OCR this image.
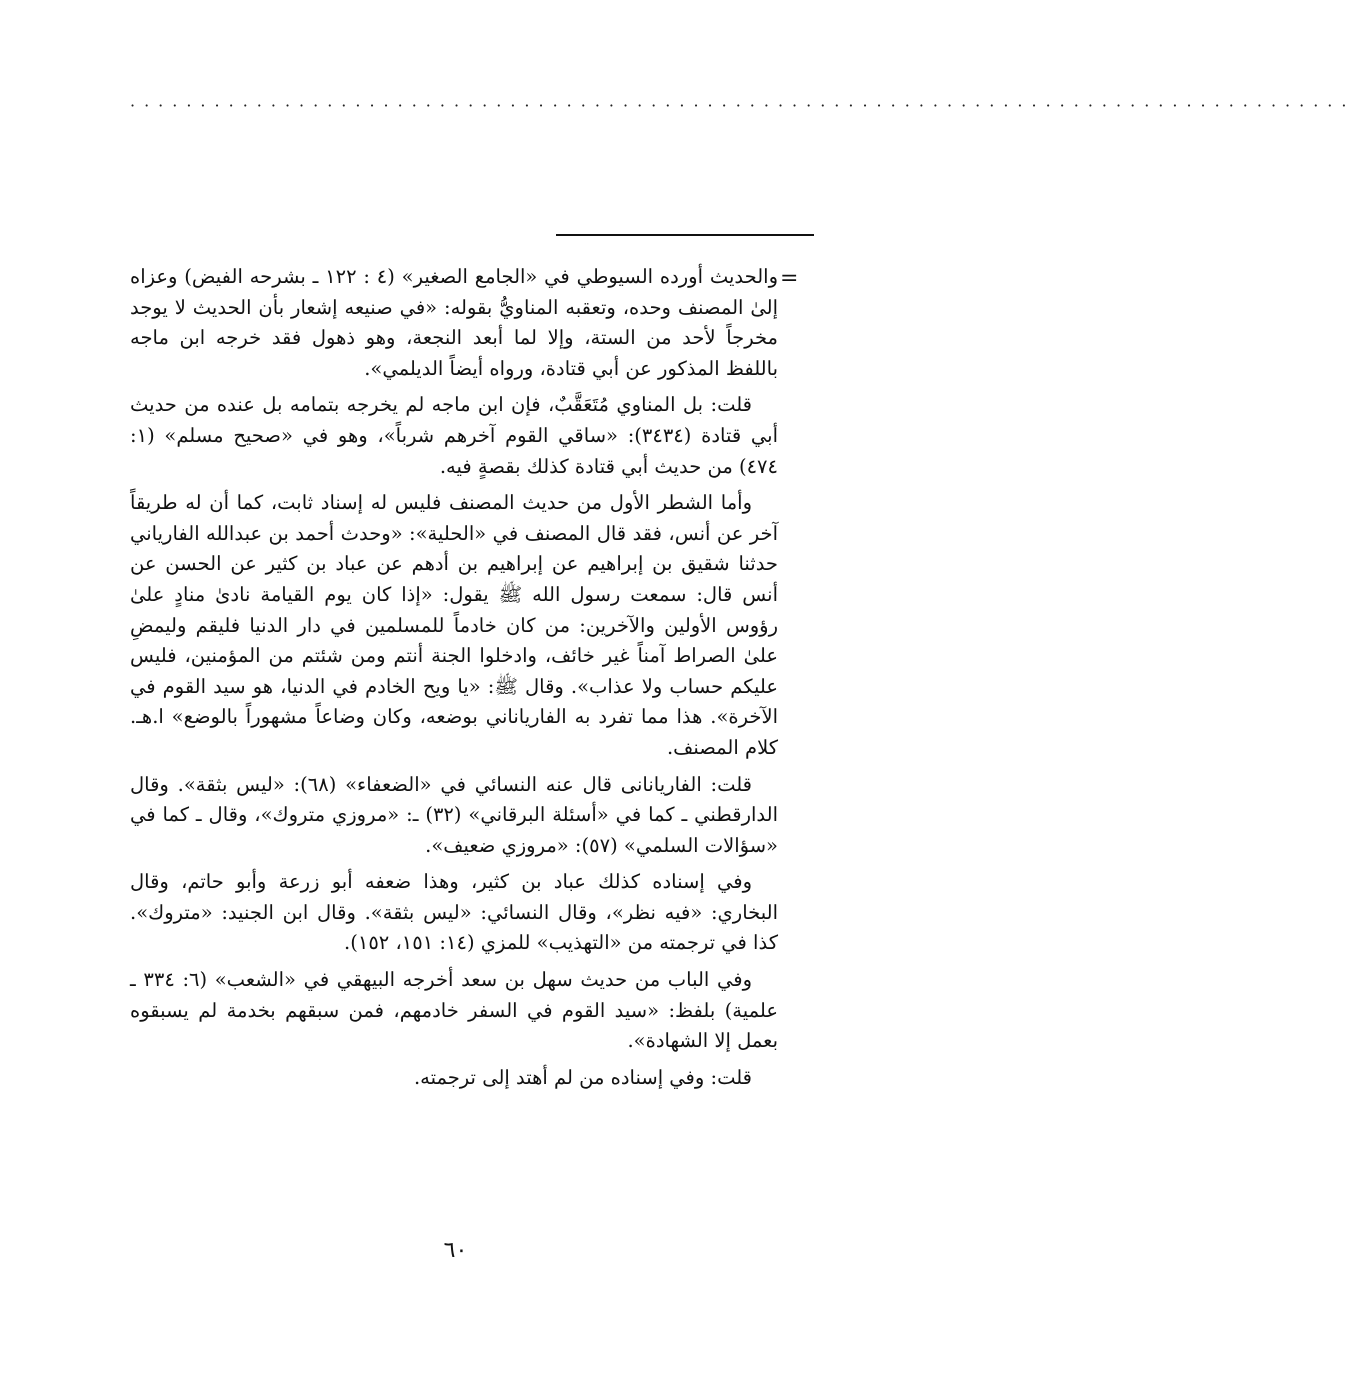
·······················································································
=

والحديث أورده السيوطي في «الجامع الصغير» (٤ : ١٢٢ ـ بشرحه الفيض) وعزاه إلىٰ المصنف وحده، وتعقبه المناويُّ بقوله: «في صنيعه إشعار بأن الحديث لا يوجد مخرجاً لأحد من الستة، وإلا لما أبعد النجعة، وهو ذهول فقد خرجه ابن ماجه باللفظ المذكور عن أبي قتادة، ورواه أيضاً الديلمي».

قلت: بل المناوي مُتَعَقَّبٌ، فإن ابن ماجه لم يخرجه بتمامه بل عنده من حديث أبي قتادة (٣٤٣٤): «ساقي القوم آخرهم شرباً»، وهو في «صحيح مسلم» (١: ٤٧٤) من حديث أبي قتادة كذلك بقصةٍ فيه.

وأما الشطر الأول من حديث المصنف فليس له إسناد ثابت، كما أن له طريقاً آخر عن أنس، فقد قال المصنف في «الحلية»: «وحدث أحمد بن عبدالله الفارياني حدثنا شقيق بن إبراهيم عن إبراهيم بن أدهم عن عباد بن كثير عن الحسن عن أنس قال: سمعت رسول الله ﷺ يقول: «إذا كان يوم القيامة نادىٰ منادٍ علىٰ رؤوس الأولين والآخرين: من كان خادماً للمسلمين في دار الدنيا فليقم وليمضِ علىٰ الصراط آمناً غير خائف، وادخلوا الجنة أنتم ومن شئتم من المؤمنين، فليس عليكم حساب ولا عذاب». وقال ﷺ: «يا ويح الخادم في الدنيا، هو سيد القوم في الآخرة». هذا مما تفرد به الفارياناني بوضعه، وكان وضاعاً مشهوراً بالوضع» ا.هـ. كلام المصنف.

قلت: الفاريانانى قال عنه النسائي في «الضعفاء» (٦٨): «ليس بثقة». وقال الدارقطني ـ كما في «أسئلة البرقاني» (٣٢) ـ: «مروزي متروك»، وقال ـ كما في «سؤالات السلمي» (٥٧): «مروزي ضعيف».

وفي إسناده كذلك عباد بن كثير، وهذا ضعفه أبو زرعة وأبو حاتم، وقال البخاري: «فيه نظر»، وقال النسائي: «ليس بثقة». وقال ابن الجنيد: «متروك». كذا في ترجمته من «التهذيب» للمزي (١٤: ١٥١، ١٥٢).

وفي الباب من حديث سهل بن سعد أخرجه البيهقي في «الشعب» (٦: ٣٣٤ ـ علمية) بلفظ: «سيد القوم في السفر خادمهم، فمن سبقهم بخدمة لم يسبقوه بعمل إلا الشهادة».

قلت: وفي إسناده من لم أهتد إلى ترجمته.

٦٠
